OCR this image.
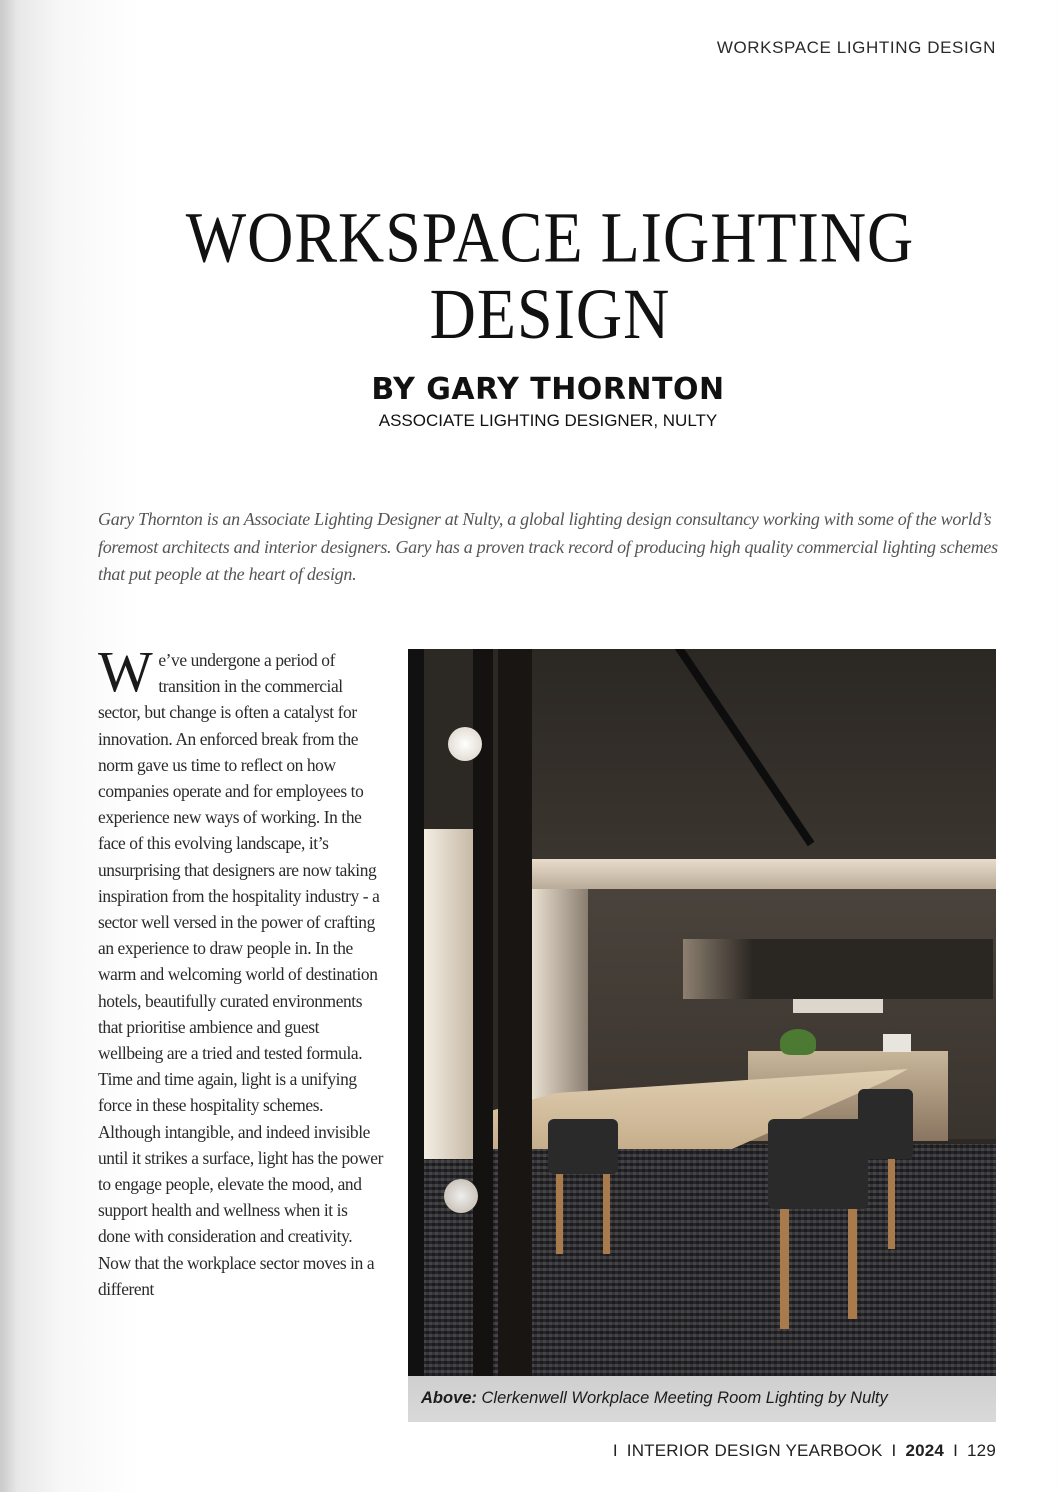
WORKSPACE LIGHTING DESIGN
WORKSPACE LIGHTING
DESIGN
BY GARY THORNTON
ASSOCIATE LIGHTING DESIGNER, NULTY

Gary Thornton is an Associate Lighting Designer at Nulty, a global lighting design consultancy working with some of the world’s foremost architects and interior designers. Gary has a proven track record of producing high quality commercial lighting schemes that put people at the heart of design.

We’ve undergone a period of transition in the commercial sector, but change is often a catalyst for innovation. An enforced break from the norm gave us time to reflect on how companies operate and for employees to experience new ways of working. In the face of this evolving landscape, it’s unsurprising that designers are now taking inspiration from the hospitality industry - a sector well versed in the power of crafting an experience to draw people in. In the warm and welcoming world of destination hotels, beautifully curated environments that prioritise ambience and guest wellbeing are a tried and tested formula. Time and time again, light is a unifying force in these hospitality schemes. Although intangible, and indeed invisible until it strikes a surface, light has the power to engage people, elevate the mood, and support health and wellness when it is done with consideration and creativity. Now that the workplace sector moves in a different
Above: Clerkenwell Workplace Meeting Room Lighting by Nulty
I INTERIOR DESIGN YEARBOOK I 2024 I 129
